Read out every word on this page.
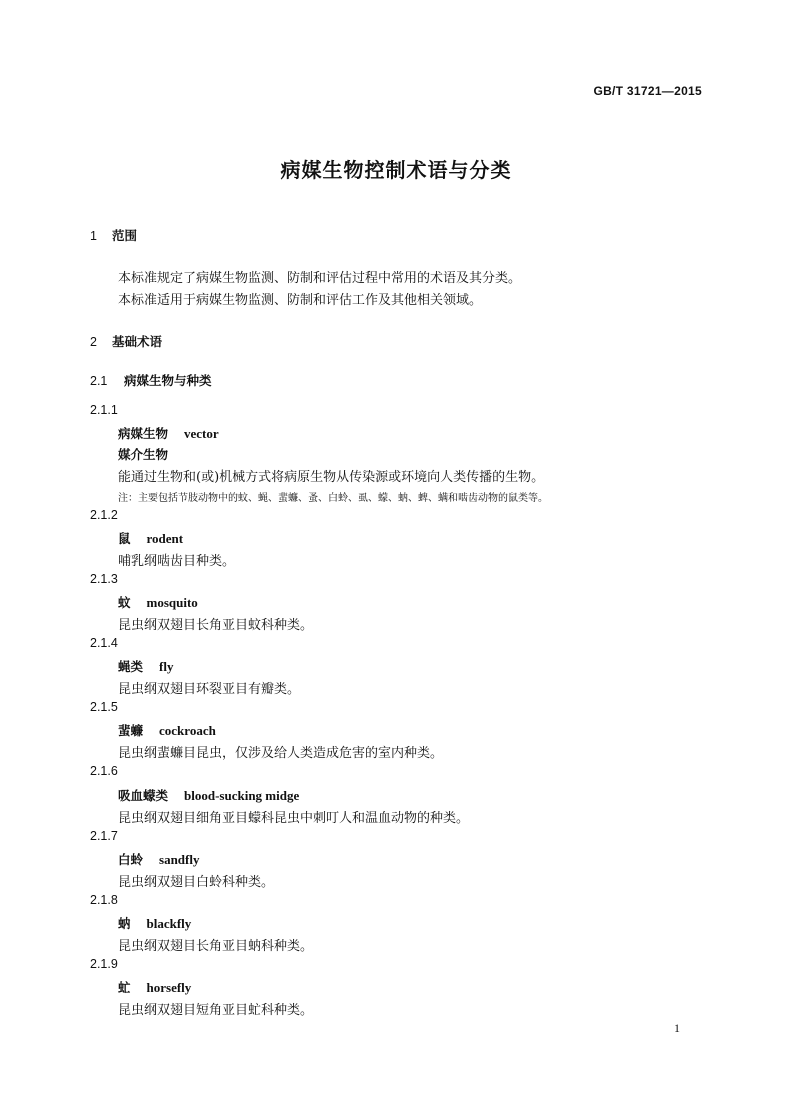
GB/T 31721—2015
病媒生物控制术语与分类
1 范围
本标准规定了病媒生物监测、防制和评估过程中常用的术语及其分类。
本标准适用于病媒生物监测、防制和评估工作及其他相关领域。
2 基础术语
2.1 病媒生物与种类
2.1.1
病媒生物 vector
媒介生物
能通过生物和(或)机械方式将病原生物从传染源或环境向人类传播的生物。
注：主要包括节肢动物中的蚊、蝇、蜚蠊、蚤、白蛉、虱、蠓、蚋、蜱、螨和啮齿动物的鼠类等。
2.1.2
鼠 rodent
哺乳纲啮齿目种类。
2.1.3
蚊 mosquito
昆虫纲双翅目长角亚目蚊科种类。
2.1.4
蝇类 fly
昆虫纲双翅目环裂亚目有瓣类。
2.1.5
蜚蠊 cockroach
昆虫纲蜚蠊目昆虫，仅涉及给人类造成危害的室内种类。
2.1.6
吸血蠓类 blood-sucking midge
昆虫纲双翅目细角亚目蠓科昆虫中刺叮人和温血动物的种类。
2.1.7
白蛉 sandfly
昆虫纲双翅目白蛉科种类。
2.1.8
蚋 blackfly
昆虫纲双翅目长角亚目蚋科种类。
2.1.9
虻 horsefly
昆虫纲双翅目短角亚目虻科种类。
1
